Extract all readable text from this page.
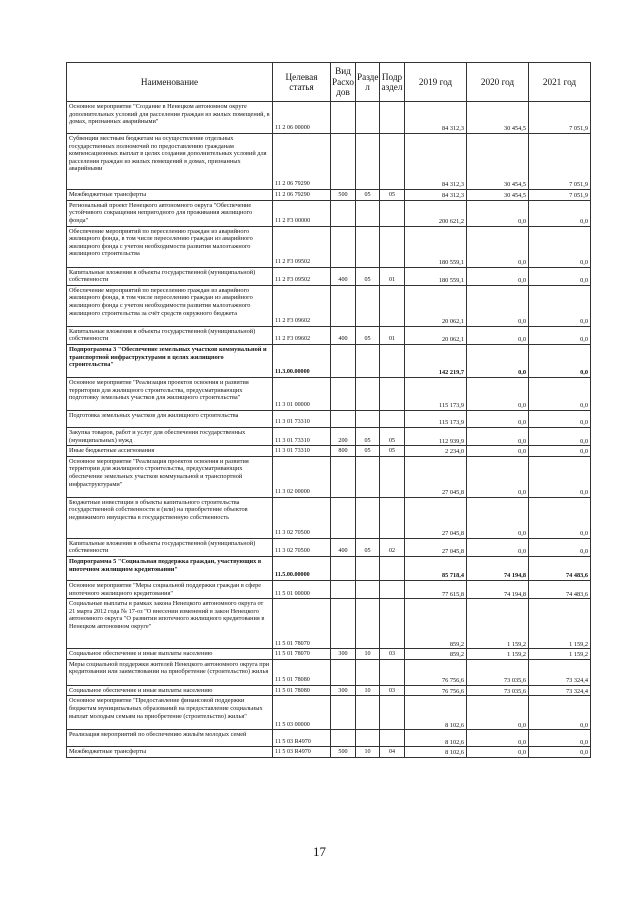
Наименование	Целевая статья	Вид Расхо дов	Разде л	Подр аздел	2019 год	2020 год	2021 год
Основное мероприятие "Создание в Ненецком автономном округе дополнительных условий для расселения граждан из жилых помещений, в домах, признанных аварийными"	11 2 06 00000				84 312,3	30 454,5	7 051,9
Субвенции местным бюджетам на осуществление отдельных государственных полномочий по предоставлению гражданам компенсационных выплат в целях создания дополнительных условий для расселения граждан из жилых помещений в домах, признанных аварийными	11 2 06 79290				84 312,3	30 454,5	7 051,9
Межбюджетные трансферты	11 2 06 79290	500	05	05	84 312,3	30 454,5	7 051,9
Региональный проект Ненецкого автономного округа "Обеспечение устойчивого сокращения непригодного для проживания жилищного фонда"	11 2 F3 00000				200 621,2	0,0	0,0
Обеспечение мероприятий по переселению граждан из аварийного жилищного фонда, в том числе переселению граждан из аварийного жилищного фонда с учетом необходимости развития малоэтажного жилищного строительства	11 2 F3 09502				180 559,1	0,0	0,0
Капитальные вложения в объекты государственной (муниципальной) собственности	11 2 F3 09502	400	05	01	180 559,1	0,0	0,0
Обеспечение мероприятий по переселению граждан из аварийного жилищного фонда, в том числе переселению граждан из аварийного жилищного фонда с учетом необходимости развития малоэтажного жилищного строительства за счёт средств окружного бюджета	11 2 F3 09602				20 062,1	0,0	0,0
Капитальные вложения в объекты государственной (муниципальной) собственности	11 2 F3 09602	400	05	01	20 062,1	0,0	0,0
Подпрограмма 3 "Обеспечение земельных участков коммунальной и транспортной инфраструктурами в целях жилищного строительства"	11.3.00.00000				142 219,7	0,0	0,0
Основное мероприятие "Реализация проектов освоения и развития территории для жилищного строительства, предусматривающих подготовку земельных участков для жилищного строительства"	11 3 01 00000				115 173,9	0,0	0,0
Подготовка земельных участков для жилищного строительства	11 3 01 73310				115 173,9	0,0	0,0
Закупка товаров, работ и услуг для обеспечения государственных (муниципальных) нужд	11 3 01 73310	200	05	05	112 939,9	0,0	0,0
Иные бюджетные ассигнования	11 3 01 73310	800	05	05	2 234,0	0,0	0,0
Основное мероприятие "Реализация проектов освоения и развития территории для жилищного строительства, предусматривающих обеспечение земельных участков коммунальной и транспортной инфраструктурами"	11 3 02 00000				27 045,8	0,0	0,0
Бюджетные инвестиции в объекты капитального строительства государственной собственности и (или) на приобретение объектов недвижимого имущества в государственную собственность	11 3 02 70500				27 045,8	0,0	0,0
Капитальные вложения в объекты государственной (муниципальной) собственности	11 3 02 70500	400	05	02	27 045,8	0,0	0,0
Подпрограмма 5 "Социальная поддержка граждан, участвующих в ипотечном жилищном кредитовании"	11.5.00.00000				85 718,4	74 194,8	74 483,6
Основное мероприятие "Меры социальной поддержки граждан в сфере ипотечного жилищного кредитования"	11 5 01 00000				77 615,8	74 194,8	74 483,6
Социальные выплаты в рамках закона Ненецкого автономного округа от 21 марта 2012 года № 17-оз "О внесении изменений в закон Ненецкого автономного округа "О развитии ипотечного жилищного кредитования в Ненецком автономном округе"	11 5 01 78070				859,2	1 159,2	1 159,2
Социальное обеспечение и иные выплаты населению	11 5 01 78070	300	10	03	859,2	1 159,2	1 159,2
Меры социальной поддержки жителей Ненецкого автономного округа при кредитовании или заимствовании на приобретение (строительство) жилья	11 5 01 78080				76 756,6	73 035,6	73 324,4
Социальное обеспечение и иные выплаты населению	11 5 01 78080	300	10	03	76 756,6	73 035,6	73 324,4
Основное мероприятие "Предоставление финансовой поддержки бюджетам муниципальных образований на предоставление социальных выплат молодым семьям на приобретение (строительство) жилья"	11 5 03 00000				8 102,6	0,0	0,0
Реализация мероприятий по обеспечению жильём молодых семей	11 5 03 R4970				8 102,6	0,0	0,0
Межбюджетные трансферты	11 5 03 R4970	500	10	04	8 102,6	0,0	0,0
17
